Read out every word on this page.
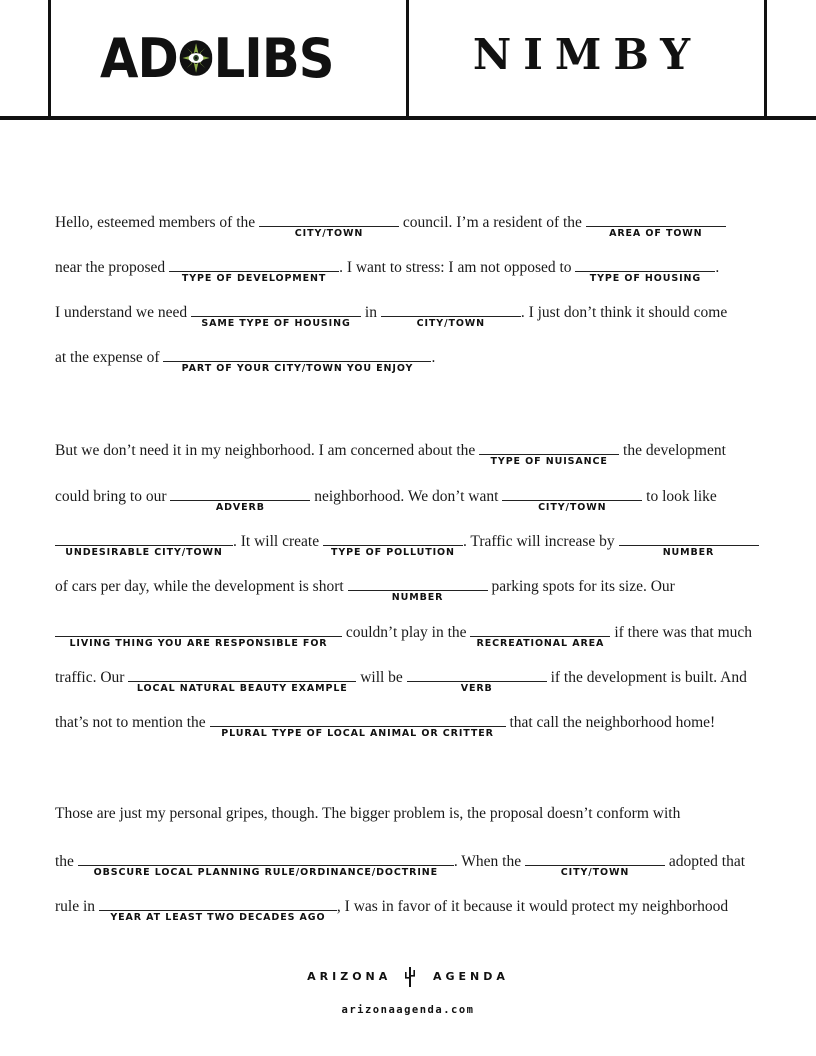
AD LIBS	NIMBY
Hello, esteemed members of the
CITY/TOWN
council. I’m a resident of the
AREA OF TOWN
near the proposed
TYPE OF DEVELOPMENT
. I want to stress: I am not opposed to
TYPE OF HOUSING
.
I understand we need
SAME TYPE OF HOUSING
in
CITY/TOWN
. I just don’t think it should come
at the expense of
PART OF YOUR CITY/TOWN YOU ENJOY
.
But we don’t need it in my neighborhood. I am concerned about the
TYPE OF NUISANCE
the development
could bring to our
ADVERB
neighborhood. We don’t want
CITY/TOWN
to look like
UNDESIRABLE CITY/TOWN
. It will create
TYPE OF POLLUTION
. Traffic will increase by
NUMBER
of cars per day, while the development is short
NUMBER
parking spots for its size. Our
LIVING THING YOU ARE RESPONSIBLE FOR
couldn’t play in the
RECREATIONAL AREA
if there was that much
traffic. Our
LOCAL NATURAL BEAUTY EXAMPLE
will be
VERB
if the development is built. And
that’s not to mention the
PLURAL TYPE OF LOCAL ANIMAL OR CRITTER
that call the neighborhood home!
Those are just my personal gripes, though. The bigger problem is, the proposal doesn’t conform with
the
OBSCURE LOCAL PLANNING RULE/ORDINANCE/DOCTRINE
. When the
CITY/TOWN
adopted that
rule in
YEAR AT LEAST TWO DECADES AGO
, I was in favor of it because it would protect my neighborhood
ARIZONA	AGENDA
arizonaagenda.com
